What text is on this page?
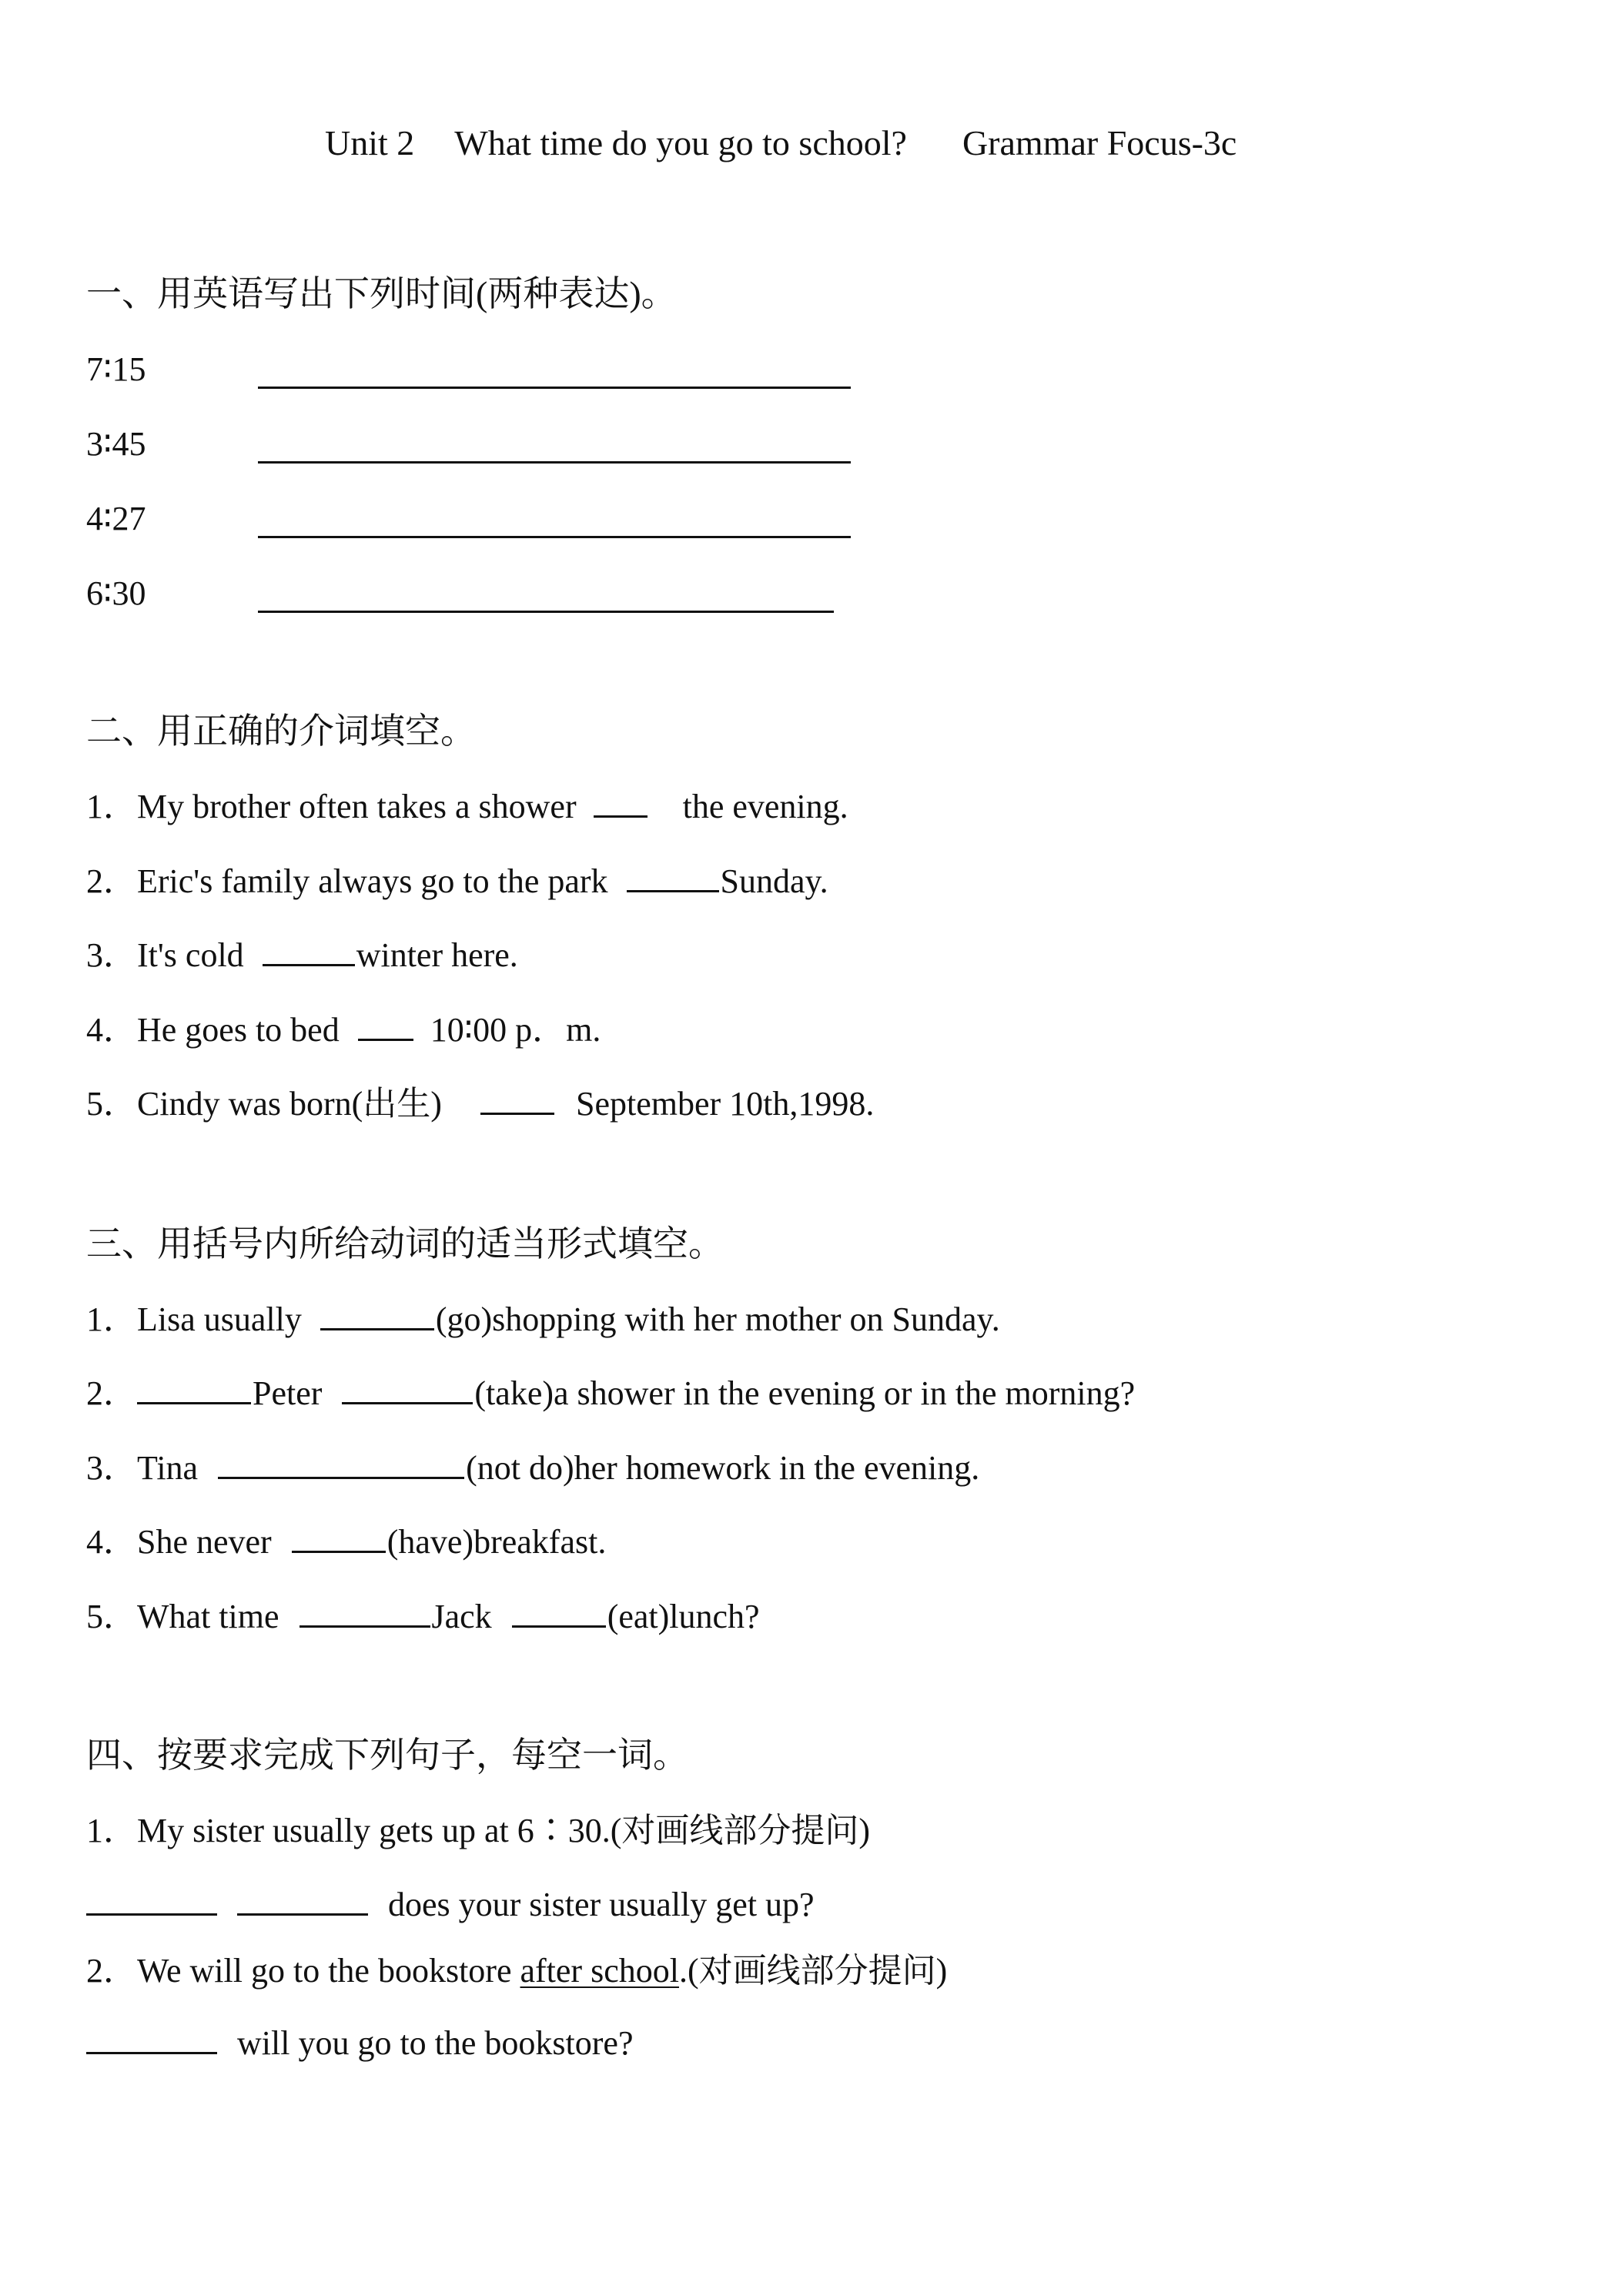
Unit 2 What time do you go to school? Grammar Focus-3c
一、用英语写出下列时间(两种表达)。
7∶15
3∶45
4∶27
6∶30
二、用正确的介词填空。
1．My brother often takes a shower	the evening.
2．Eric's family always go to the park	Sunday.
3．It's cold	winter here.
4．He goes to bed	10∶00 p．m.
5．Cindy was born(出生)	September 10th,1998.
三、用括号内所给动词的适当形式填空。
1．Lisa usually	(go)shopping with her mother on Sunday.
2．	Peter	(take)a shower in the evening or in the morning?
3．Tina	(not do)her homework in the evening.
4．She never	(have)breakfast.
5．What time	Jack	(eat)lunch?
四、按要求完成下列句子，每空一词。
1．My sister usually gets up at 6∶30.(对画线部分提问)
does your sister usually get up?
2．We will go to the bookstore after school.(对画线部分提问)
will you go to the bookstore?
